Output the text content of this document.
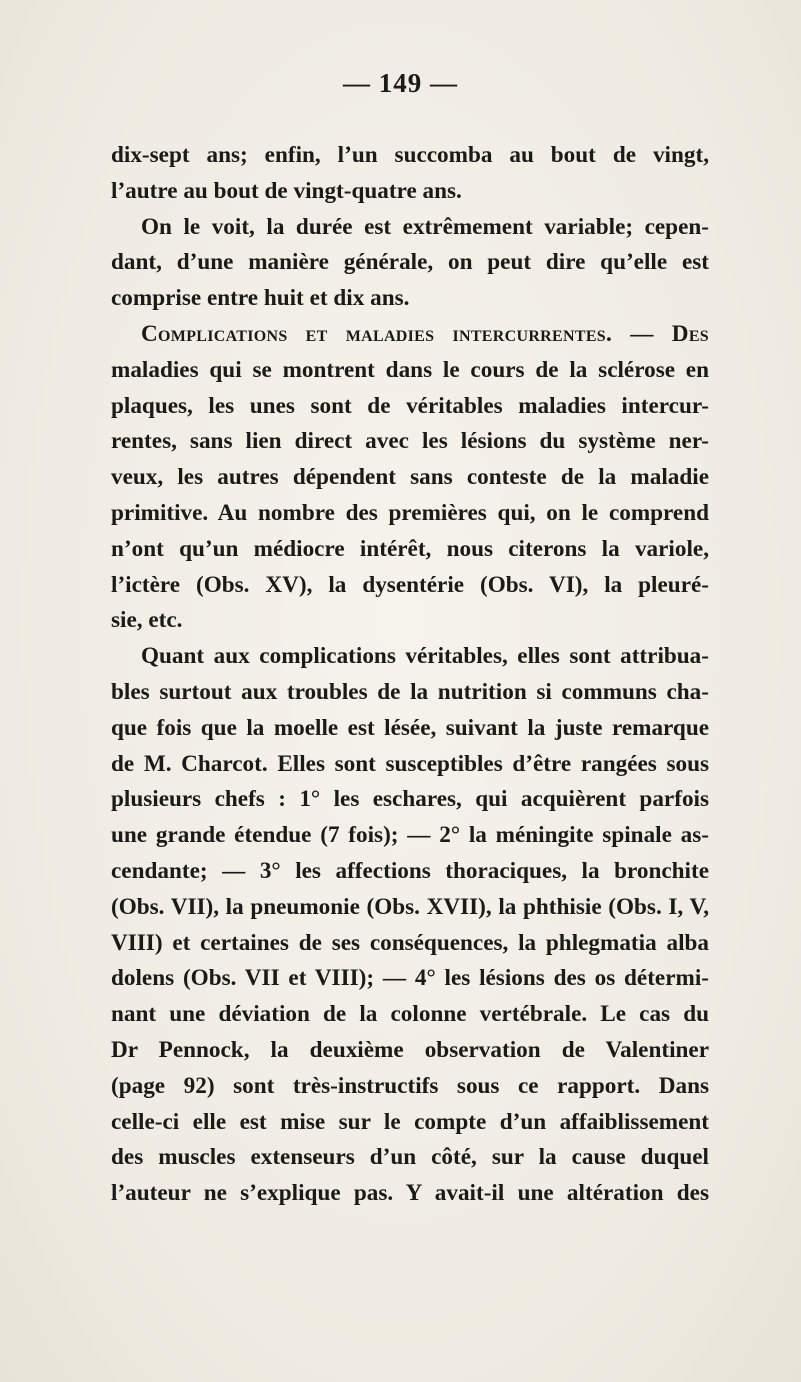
— 149 —
dix-sept ans; enfin, l’un succomba au bout de vingt,
l’autre au bout de vingt-quatre ans.
On le voit, la durée est extrêmement variable; cepen-
dant, d’une manière générale, on peut dire qu’elle est
comprise entre huit et dix ans.
Complications et maladies intercurrentes. — Des
maladies qui se montrent dans le cours de la sclérose en
plaques, les unes sont de véritables maladies intercur-
rentes, sans lien direct avec les lésions du système ner-
veux, les autres dépendent sans conteste de la maladie
primitive. Au nombre des premières qui, on le comprend
n’ont qu’un médiocre intérêt, nous citerons la variole,
l’ictère (Obs. XV), la dysentérie (Obs. VI), la pleuré-
sie, etc.
Quant aux complications véritables, elles sont attribua-
bles surtout aux troubles de la nutrition si communs cha-
que fois que la moelle est lésée, suivant la juste remarque
de M. Charcot. Elles sont susceptibles d’être rangées sous
plusieurs chefs : 1° les eschares, qui acquièrent parfois
une grande étendue (7 fois); — 2° la méningite spinale as-
cendante; — 3° les affections thoraciques, la bronchite
(Obs. VII), la pneumonie (Obs. XVII), la phthisie (Obs. I, V,
VIII) et certaines de ses conséquences, la phlegmatia alba
dolens (Obs. VII et VIII); — 4° les lésions des os détermi-
nant une déviation de la colonne vertébrale. Le cas du
Dr Pennock, la deuxième observation de Valentiner
(page 92) sont très-instructifs sous ce rapport. Dans
celle-ci elle est mise sur le compte d’un affaiblissement
des muscles extenseurs d’un côté, sur la cause duquel
l’auteur ne s’explique pas. Y avait-il une altération des
